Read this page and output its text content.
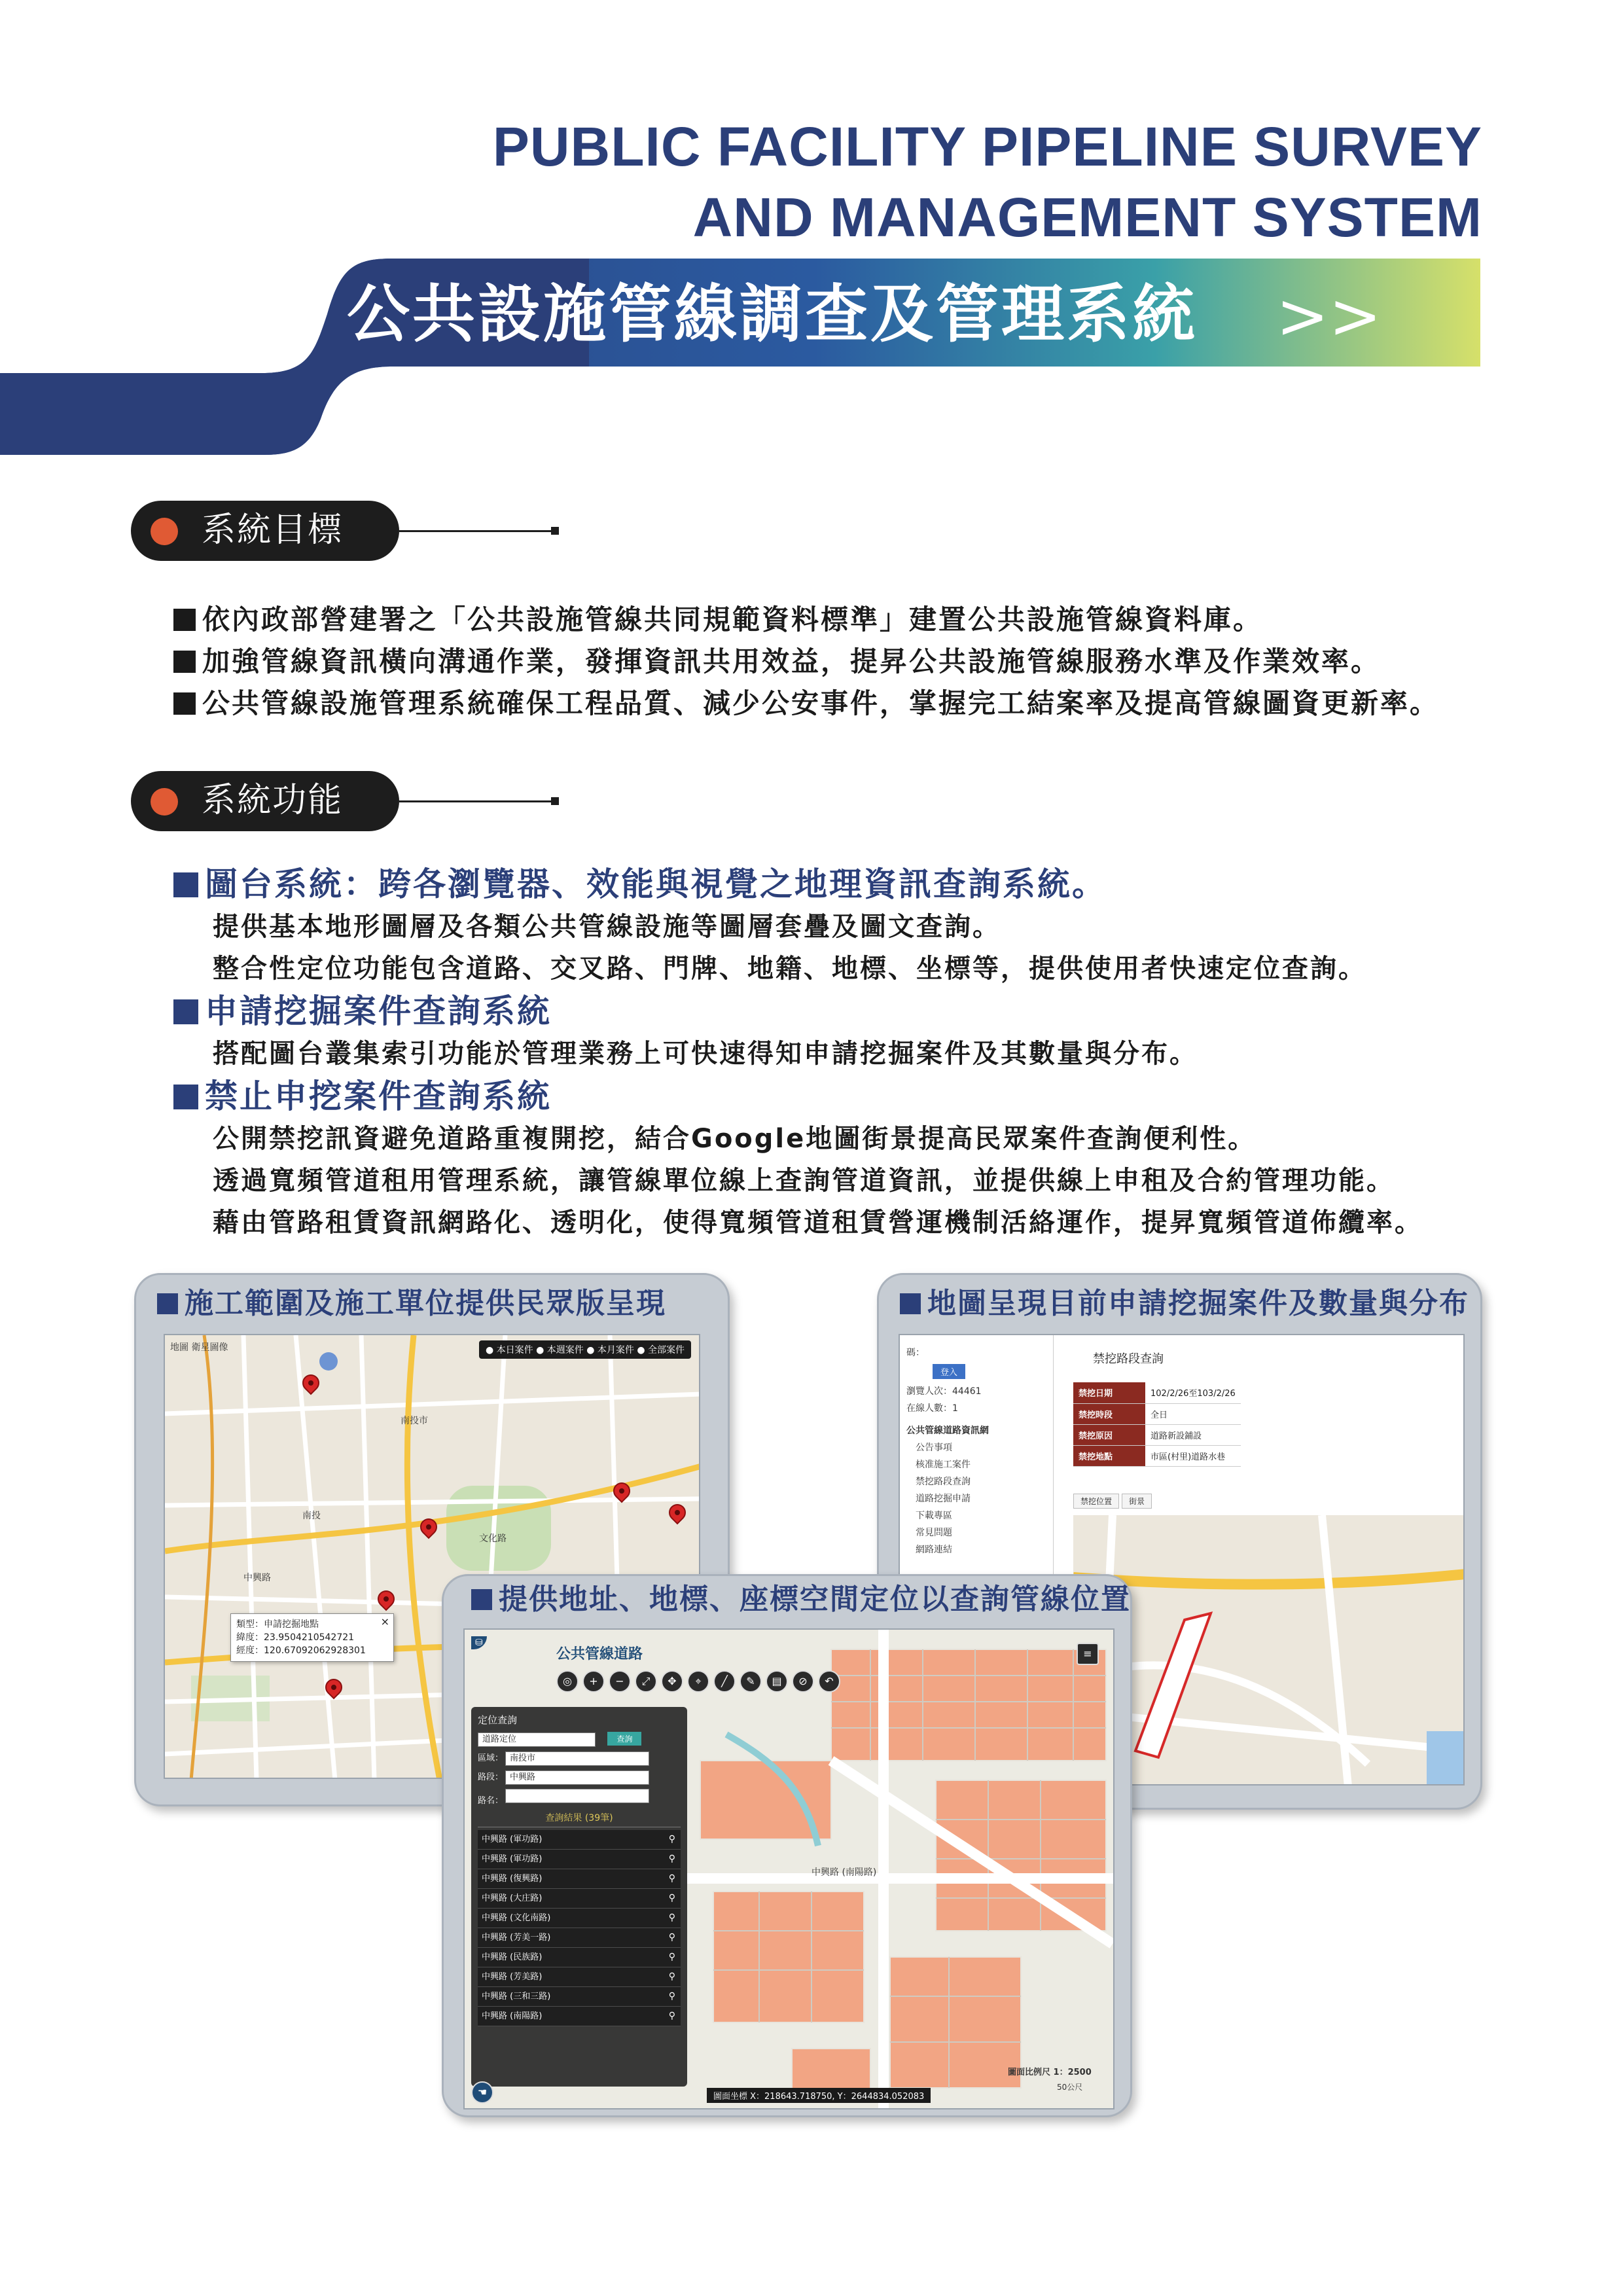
PUBLIC FACILITY PIPELINE SURVEY
AND MANAGEMENT SYSTEM
公共設施管線調查及管理系統 >>
系統目標
依內政部營建署之「公共設施管線共同規範資料標準」建置公共設施管線資料庫。
加強管線資訊橫向溝通作業，發揮資訊共用效益，提昇公共設施管線服務水準及作業效率。
公共管線設施管理系統確保工程品質、減少公安事件，掌握完工結案率及提高管線圖資更新率。
系統功能
圖台系統：跨各瀏覽器、效能與視覺之地理資訊查詢系統。
提供基本地形圖層及各類公共管線設施等圖層套疊及圖文查詢。
整合性定位功能包含道路、交叉路、門牌、地籍、地標、坐標等，提供使用者快速定位查詢。
申請挖掘案件查詢系統
搭配圖台叢集索引功能於管理業務上可快速得知申請挖掘案件及其數量與分布。
禁止申挖案件查詢系統
公開禁挖訊資避免道路重複開挖，結合Google地圖街景提高民眾案件查詢便利性。
透過寬頻管道租用管理系統，讓管線單位線上查詢管道資訊，並提供線上申租及合約管理功能。
藉由管路租賃資訊網路化、透明化，使得寬頻管道租賃營運機制活絡運作，提昇寬頻管道佈纜率。
施工範圍及施工單位提供民眾版呈現
地圖 衛星圖像	● 本日案件 ● 本週案件 ● 本月案件 ● 全部案件
南投
南投市
文化路
中興路
×
類型：申請挖掘地點
緯度：23.9504210542721
經度：120.67092062928301
地圖呈現目前申請挖掘案件及數量與分布
碼：
登入
瀏覽人次：44461
在線人數：1
公共管線道路資訊網
公告事項
核准施工案件
禁挖路段查詢
道路挖掘申請
下載專區
常見問題
網路連結
禁挖路段查詢
禁挖日期	102/2/26至103/2/26
禁挖時段	全日
禁挖原因	道路新設鋪設
禁挖地點	市區(村里)道路水巷
禁挖位置 街景
提供地址、地標、座標空間定位以查詢管線位置
⛁
公共管線道路
◎	+	−	⤢	✥	⌖	╱	✎	▤	⊘	↶
≡
定位查詢
道路定位	查詢
區域： 南投市
路段： 中興路
路名：
查詢結果 (39筆)
中興路 (軍功路)	⚲
中興路 (軍功路)	⚲
中興路 (復興路)	⚲
中興路 (大庄路)	⚲
中興路 (文化南路)	⚲
中興路 (芳美一路)	⚲
中興路 (民族路)	⚲
中興路 (芳美路)	⚲
中興路 (三和三路)	⚲
中興路 (南陽路)	⚲
中興路 (南陽路)
50公尺
圖面比例尺 1：2500
圖面坐標 X：218643.718750, Y：2644834.052083
☚
